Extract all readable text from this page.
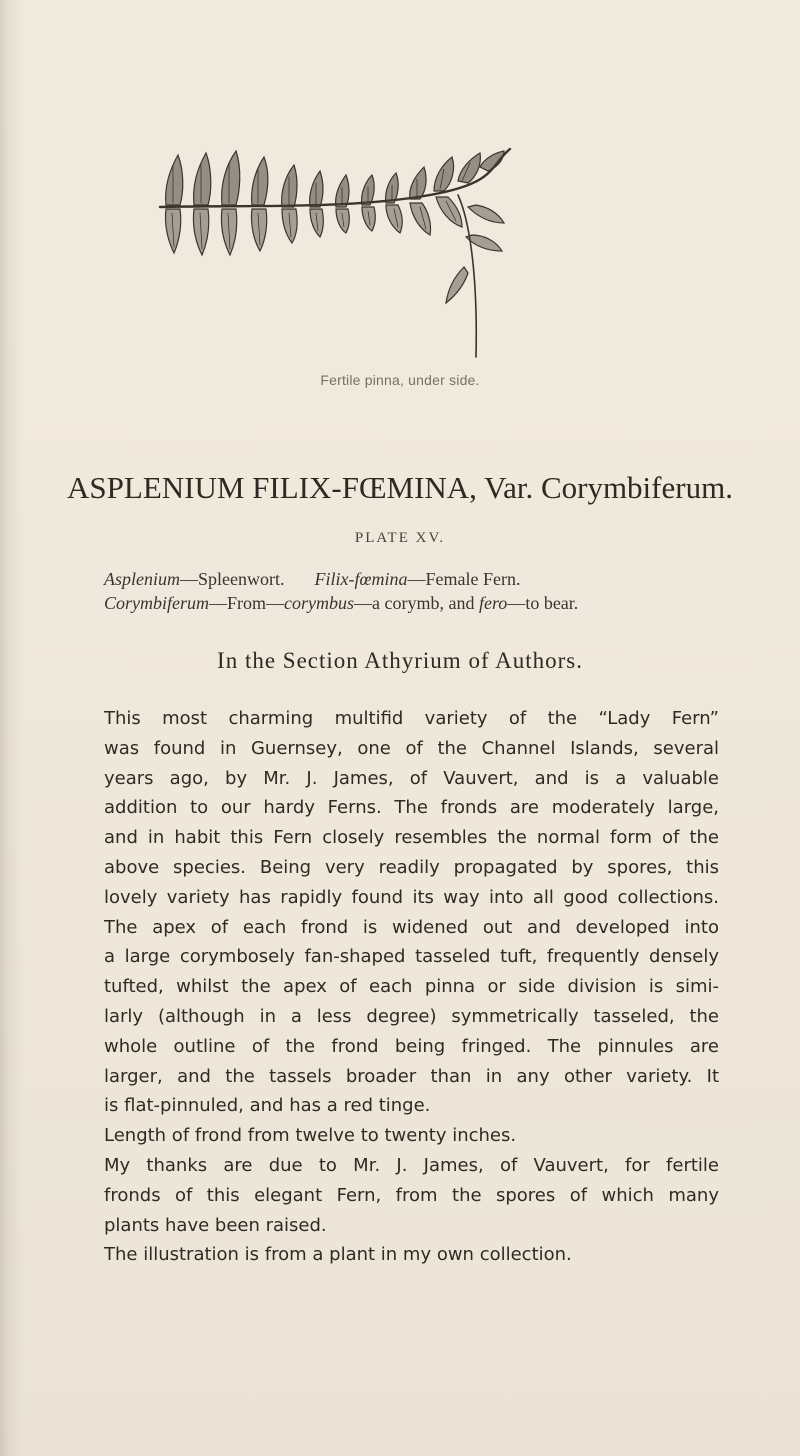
Fertile pinna, under side.
ASPLENIUM FILIX-FŒMINA, Var. Corymbiferum.
PLATE XV.
Asplenium—Spleenwort. Filix-fœmina—Female Fern.
Corymbiferum—From—corymbus—a corymb, and fero—to bear.
In the Section Athyrium of Authors.
This most charming multifid variety of the “Lady Fern”
was found in Guernsey, one of the Channel Islands, several
years ago, by Mr. J. James, of Vauvert, and is a valuable
addition to our hardy Ferns. The fronds are moderately large,
and in habit this Fern closely resembles the normal form of the
above species. Being very readily propagated by spores, this
lovely variety has rapidly found its way into all good collections.
The apex of each frond is widened out and developed into
a large corymbosely fan-shaped tasseled tuft, frequently densely
tufted, whilst the apex of each pinna or side division is simi-
larly (although in a less degree) symmetrically tasseled, the
whole outline of the frond being fringed. The pinnules are
larger, and the tassels broader than in any other variety. It
is flat-pinnuled, and has a red tinge.
Length of frond from twelve to twenty inches.
My thanks are due to Mr. J. James, of Vauvert, for fertile
fronds of this elegant Fern, from the spores of which many
plants have been raised.
The illustration is from a plant in my own collection.
